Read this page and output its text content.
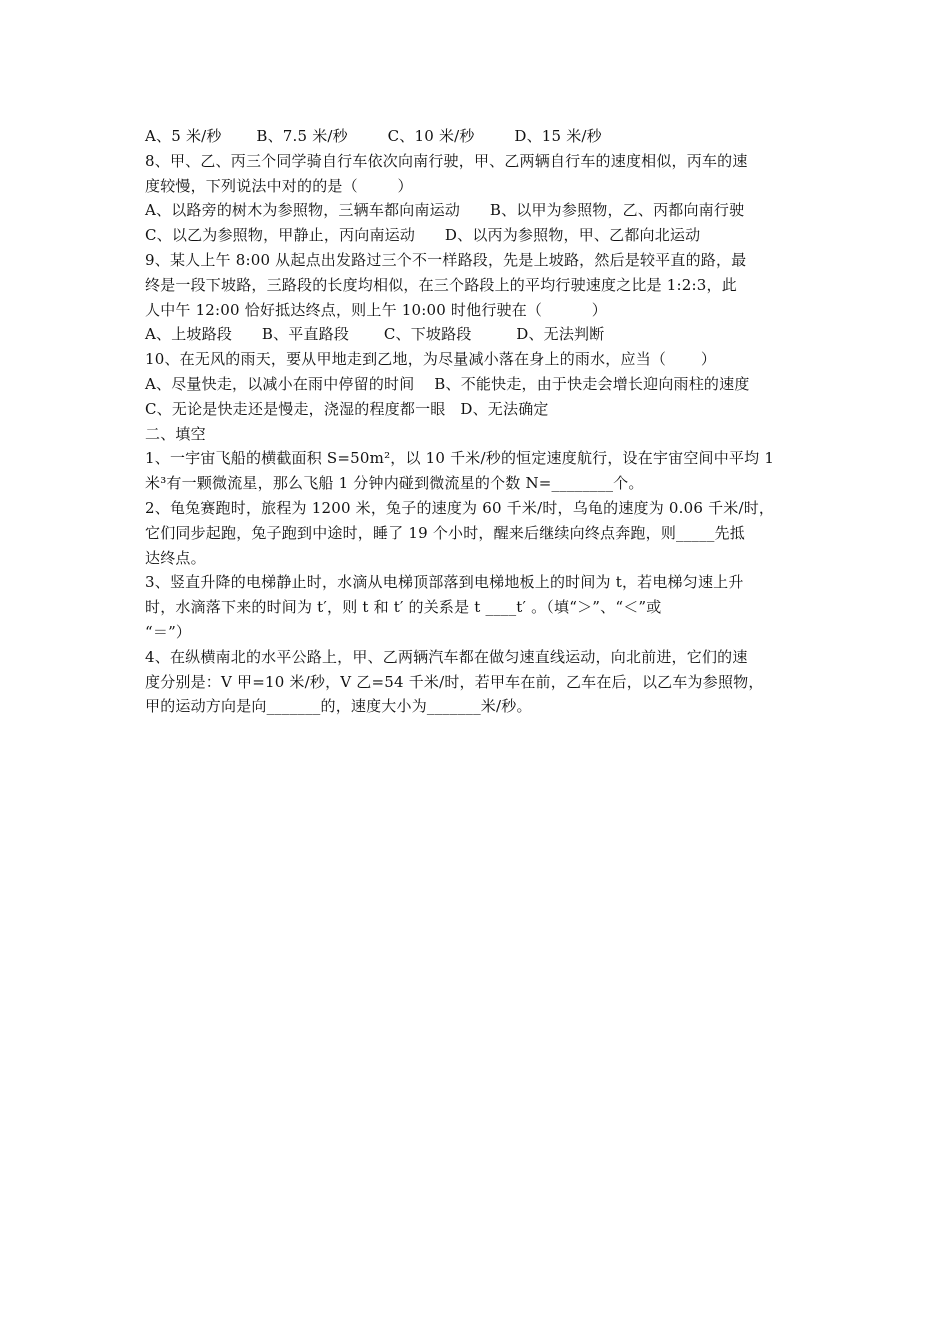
A、5 米/秒       B、7.5 米/秒        C、10 米/秒        D、15 米/秒
8、甲、乙、丙三个同学骑自行车依次向南行驶，甲、乙两辆自行车的速度相似，丙车的速
度较慢，下列说法中对的的是（        ）
A、以路旁的树木为参照物，三辆车都向南运动      B、以甲为参照物，乙、丙都向南行驶
C、以乙为参照物，甲静止，丙向南运动      D、以丙为参照物，甲、乙都向北运动
9、某人上午 8:00 从起点出发路过三个不一样路段，先是上坡路，然后是较平直的路，最
终是一段下坡路，三路段的长度均相似，在三个路段上的平均行驶速度之比是 1:2:3，此
人中午 12:00 恰好抵达终点，则上午 10:00 时他行驶在（          ）
A、上坡路段      B、平直路段       C、下坡路段         D、无法判断
10、在无风的雨天，要从甲地走到乙地，为尽量减小落在身上的雨水，应当（       ）
A、尽量快走，以减小在雨中停留的时间    B、不能快走，由于快走会增长迎向雨柱的速度
C、无论是快走还是慢走，浇湿的程度都一眼   D、无法确定
二、填空
1、一宇宙飞船的横截面积 S=50m²，以 10 千米/秒的恒定速度航行，设在宇宙空间中平均 1
米³有一颗微流星，那么飞船 1 分钟内碰到微流星的个数 N=________个。
2、龟兔赛跑时，旅程为 1200 米，兔子的速度为 60 千米/时，乌龟的速度为 0.06 千米/时，
它们同步起跑，兔子跑到中途时，睡了 19 个小时，醒来后继续向终点奔跑，则_____先抵
达终点。
3、竖直升降的电梯静止时，水滴从电梯顶部落到电梯地板上的时间为 t，若电梯匀速上升
时，水滴落下来的时间为 t′，则 t 和 t′ 的关系是 t ____t′ 。（填“＞”、“＜”或
“＝”）
4、在纵横南北的水平公路上，甲、乙两辆汽车都在做匀速直线运动，向北前进，它们的速
度分别是：V 甲=10 米/秒，V 乙=54 千米/时，若甲车在前，乙车在后，以乙车为参照物，
甲的运动方向是向_______的，速度大小为_______米/秒。
